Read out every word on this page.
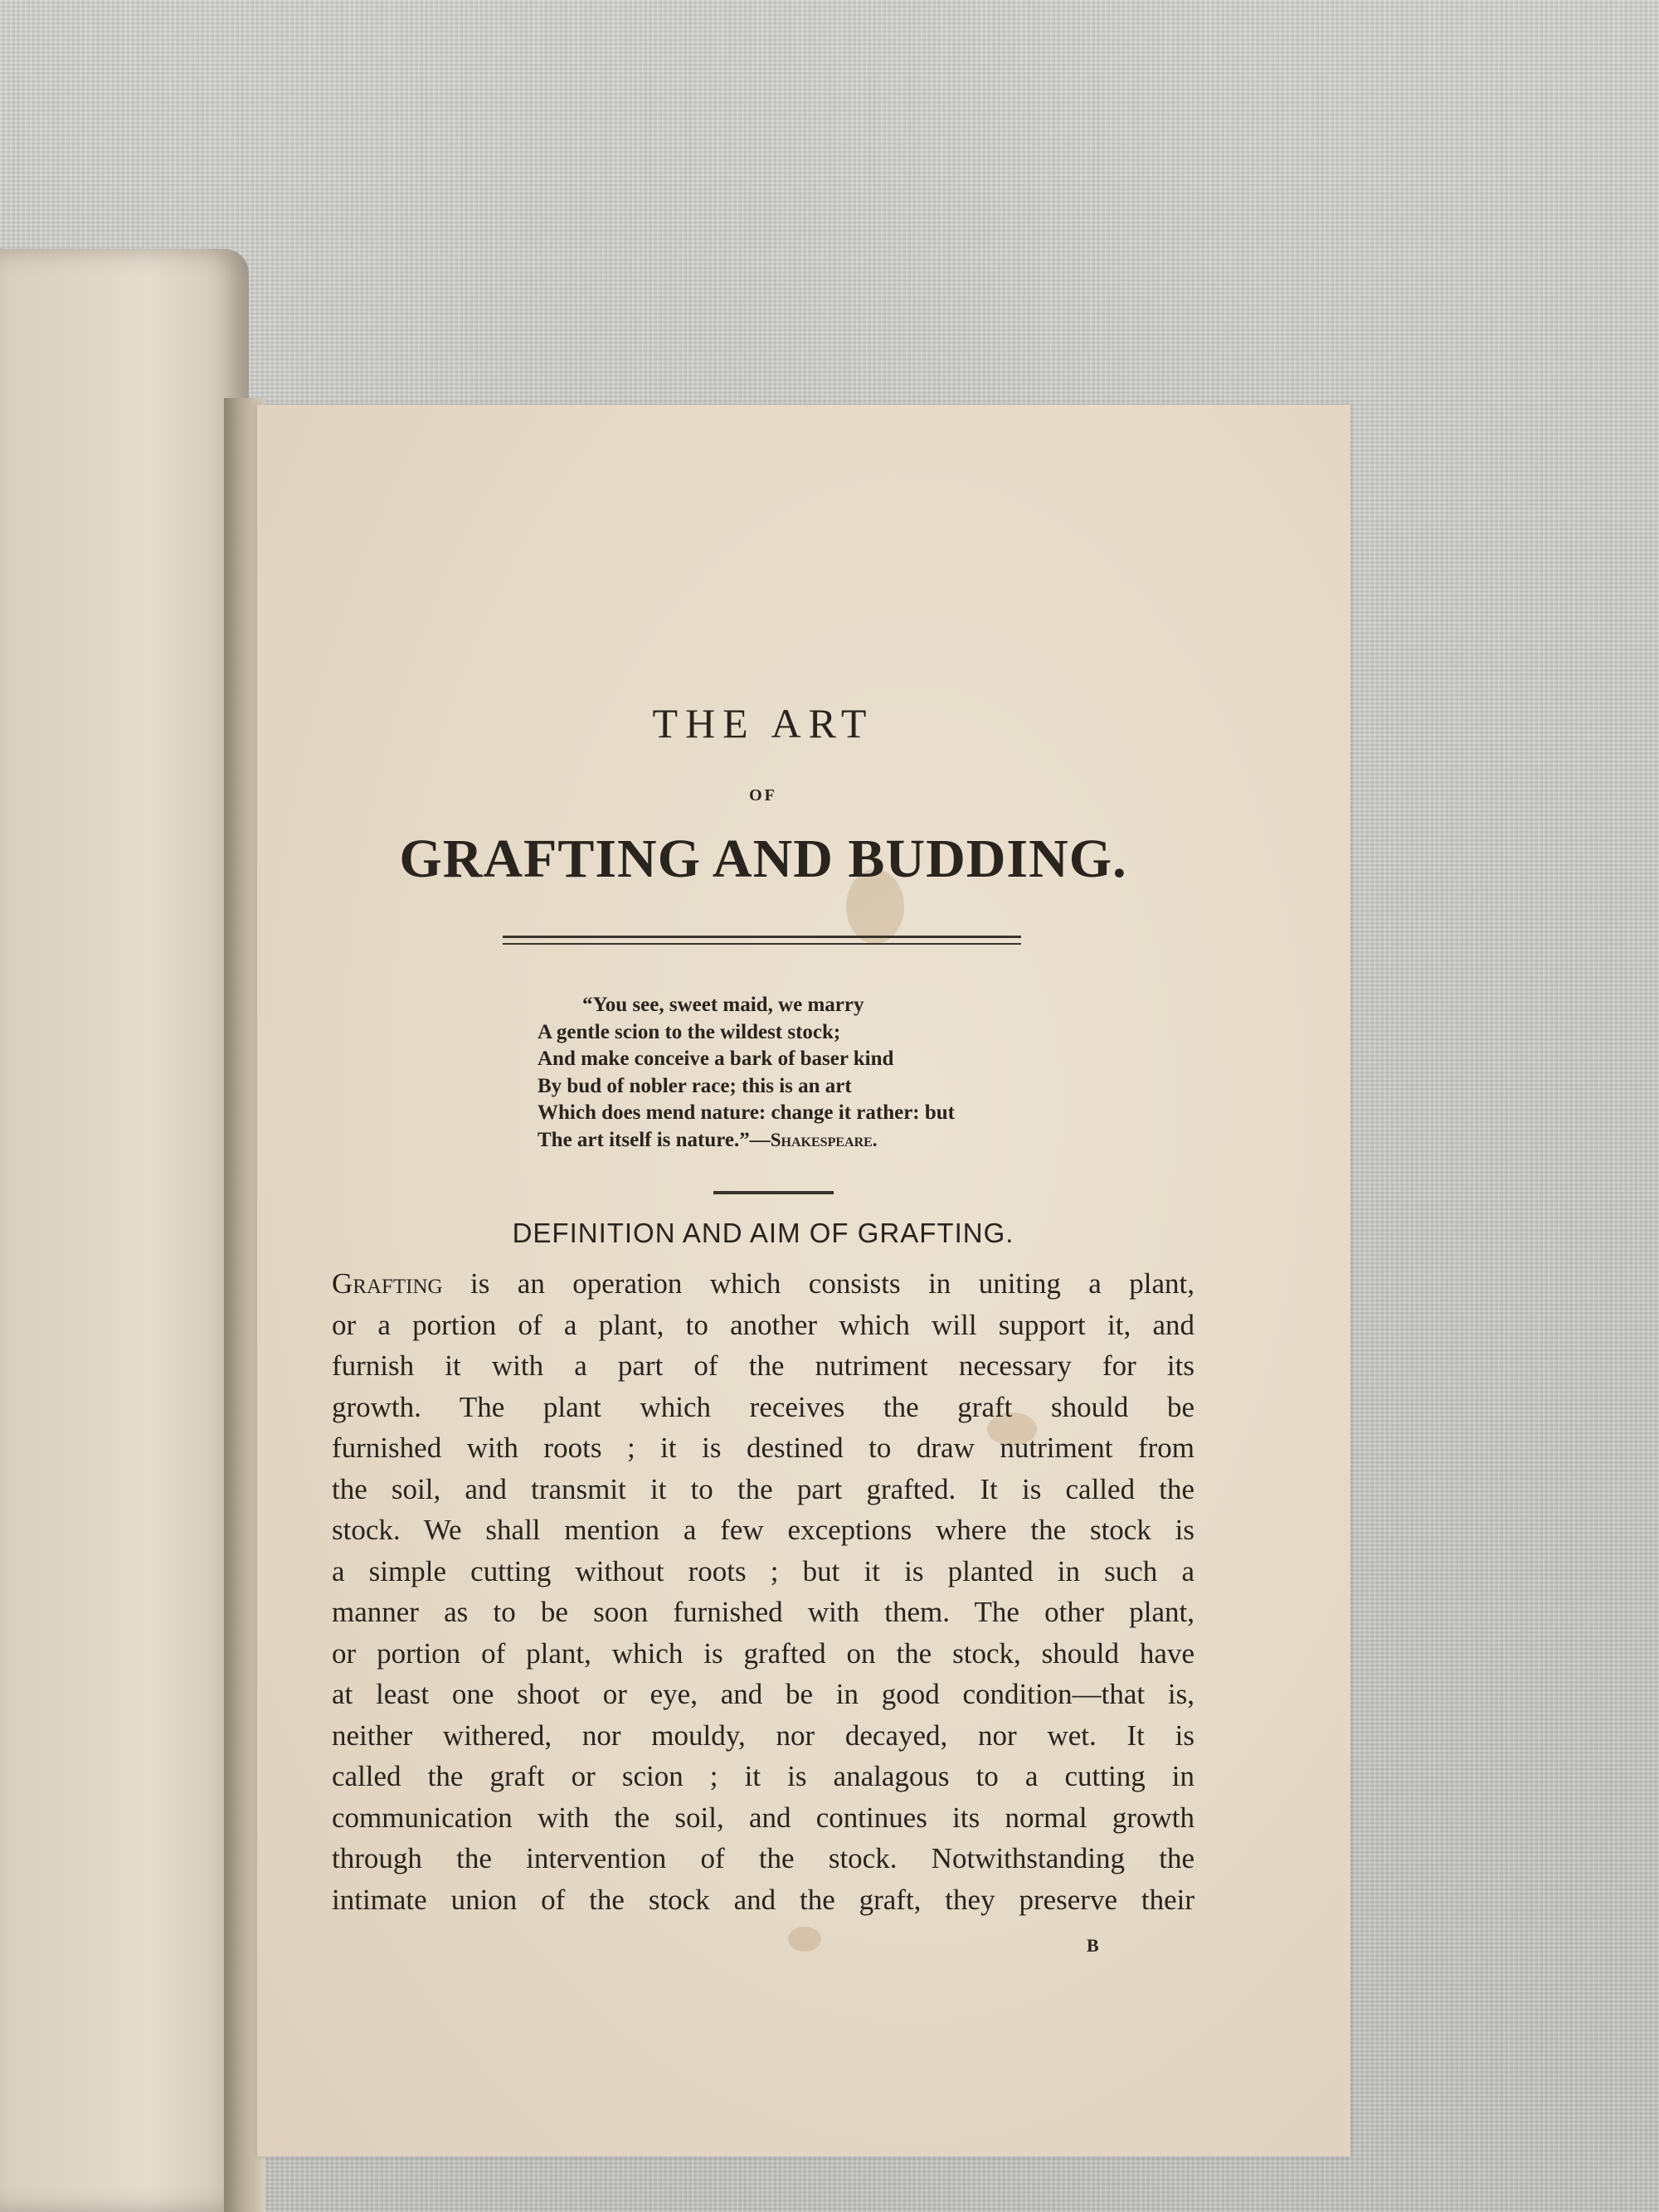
THE ART
OF
GRAFTING AND BUDDING.
“You see, sweet maid, we marry
A gentle scion to the wildest stock;
And make conceive a bark of baser kind
By bud of nobler race; this is an art
Which does mend nature: change it rather: but
The art itself is nature.”—Shakespeare.
DEFINITION AND AIM OF GRAFTING.
Grafting is an operation which consists in uniting a plant,
or a portion of a plant, to another which will support it, and
furnish it with a part of the nutriment necessary for its
growth. The plant which receives the graft should be
furnished with roots ; it is destined to draw nutriment from
the soil, and transmit it to the part grafted. It is called the
stock. We shall mention a few exceptions where the stock is
a simple cutting without roots ; but it is planted in such a
manner as to be soon furnished with them. The other plant,
or portion of plant, which is grafted on the stock, should have
at least one shoot or eye, and be in good condition—that is,
neither withered, nor mouldy, nor decayed, nor wet. It is
called the graft or scion ; it is analagous to a cutting in
communication with the soil, and continues its normal growth
through the intervention of the stock. Notwithstanding the
intimate union of the stock and the graft, they preserve their
B
